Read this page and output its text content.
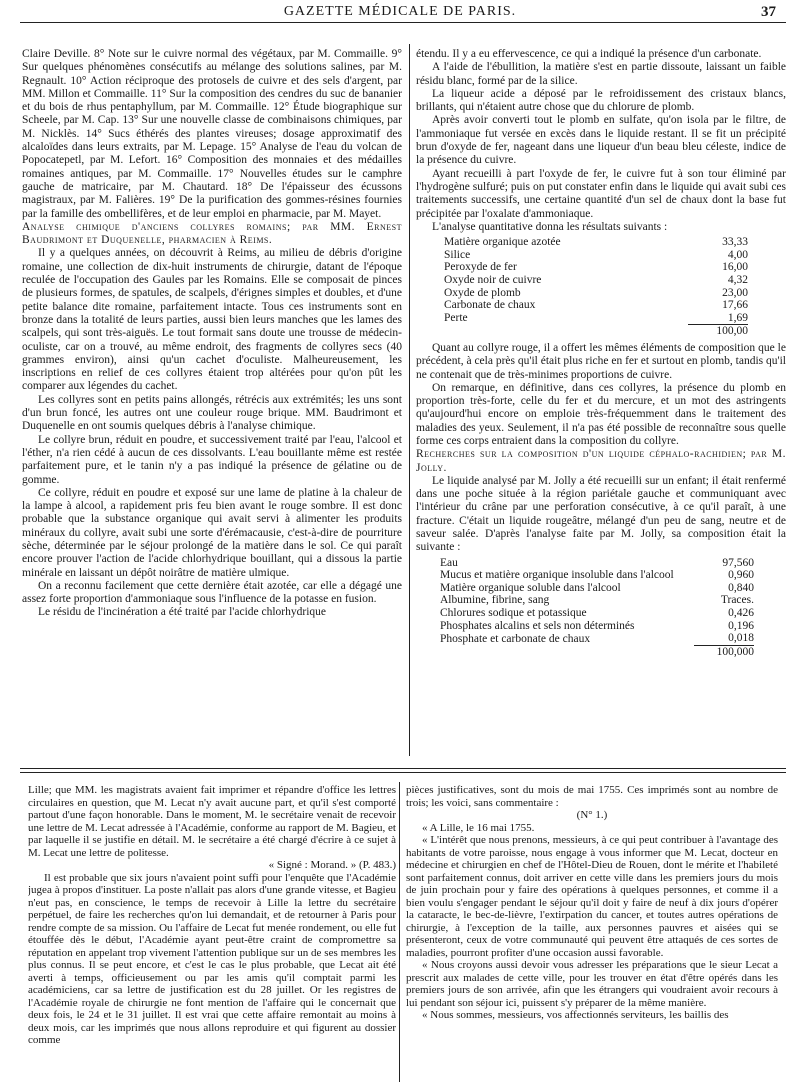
GAZETTE MÉDICALE DE PARIS.	37

Claire Deville. 8° Note sur le cuivre normal des végétaux, par M. Commaille. 9° Sur quelques phénomènes consécutifs au mélange des solutions salines, par M. Regnault. 10° Action réciproque des protosels de cuivre et des sels d'argent, par MM. Millon et Commaille. 11° Sur la composition des cendres du suc de bananier et du bois de rhus pentaphyllum, par M. Commaille. 12° Étude biographique sur Scheele, par M. Cap. 13° Sur une nouvelle classe de combinaisons chimiques, par M. Nicklès. 14° Sucs éthérés des plantes vireuses; dosage approximatif des alcaloïdes dans leurs extraits, par M. Lepage. 15° Analyse de l'eau du volcan de Popocatepetl, par M. Lefort. 16° Composition des monnaies et des médailles romaines antiques, par M. Commaille. 17° Nouvelles études sur le camphre gauche de matricaire, par M. Chautard. 18° De l'épaisseur des écussons magistraux, par M. Falières. 19° De la purification des gommes-résines fournies par la famille des ombellifères, et de leur emploi en pharmacie, par M. Mayet.

Analyse chimique d'anciens collyres romains; par MM. Ernest Baudrimont et Duquenelle, pharmacien à Reims.

Il y a quelques années, on découvrit à Reims, au milieu de débris d'origine romaine, une collection de dix-huit instruments de chirurgie, datant de l'époque reculée de l'occupation des Gaules par les Romains. Elle se composait de pinces de plusieurs formes, de spatules, de scalpels, d'érignes simples et doubles, et d'une petite balance dite romaine, parfaitement intacte. Tous ces instruments sont en bronze dans la totalité de leurs parties, aussi bien leurs manches que les lames des scalpels, qui sont très-aiguës. Le tout formait sans doute une trousse de médecin-oculiste, car on a trouvé, au même endroit, des fragments de collyres secs (40 grammes environ), ainsi qu'un cachet d'oculiste. Malheureusement, les inscriptions en relief de ces collyres étaient trop altérées pour qu'on pût les comparer aux légendes du cachet.

Les collyres sont en petits pains allongés, rétrécis aux extrémités; les uns sont d'un brun foncé, les autres ont une couleur rouge brique. MM. Baudrimont et Duquenelle en ont soumis quelques débris à l'analyse chimique.

Le collyre brun, réduit en poudre, et successivement traité par l'eau, l'alcool et l'éther, n'a rien cédé à aucun de ces dissolvants. L'eau bouillante même est restée parfaitement pure, et le tanin n'y a pas indiqué la présence de gélatine ou de gomme.

Ce collyre, réduit en poudre et exposé sur une lame de platine à la chaleur de la lampe à alcool, a rapidement pris feu bien avant le rouge sombre. Il est donc probable que la substance organique qui avait servi à alimenter les produits minéraux du collyre, avait subi une sorte d'érémacausie, c'est-à-dire de pourriture sèche, déterminée par le séjour prolongé de la matière dans le sol. Ce qui paraît encore prouver l'action de l'acide chlorhydrique bouillant, qui a dissous la partie minérale en laissant un dépôt noirâtre de matière ulmique.

On a reconnu facilement que cette dernière était azotée, car elle a dégagé une assez forte proportion d'ammoniaque sous l'influence de la potasse en fusion.

Le résidu de l'incinération a été traité par l'acide chlorhydrique

étendu. Il y a eu effervescence, ce qui a indiqué la présence d'un carbonate.

A l'aide de l'ébullition, la matière s'est en partie dissoute, laissant un faible résidu blanc, formé par de la silice.

La liqueur acide a déposé par le refroidissement des cristaux blancs, brillants, qui n'étaient autre chose que du chlorure de plomb.

Après avoir converti tout le plomb en sulfate, qu'on isola par le filtre, de l'ammoniaque fut versée en excès dans le liquide restant. Il se fit un précipité brun d'oxyde de fer, nageant dans une liqueur d'un beau bleu céleste, indice de la présence du cuivre.

Ayant recueilli à part l'oxyde de fer, le cuivre fut à son tour éliminé par l'hydrogène sulfuré; puis on put constater enfin dans le liquide qui avait subi ces traitements successifs, une certaine quantité d'un sel de chaux dont la base fut précipitée par l'oxalate d'ammoniaque.

L'analyse quantitative donna les résultats suivants :

Matière organique azotée	33,33
Silice	4,00
Peroxyde de fer	16,00
Oxyde noir de cuivre	4,32
Oxyde de plomb	23,00
Carbonate de chaux	17,66
Perte	1,69
	100,00

Quant au collyre rouge, il a offert les mêmes éléments de composition que le précédent, à cela près qu'il était plus riche en fer et surtout en plomb, tandis qu'il ne contenait que de très-minimes proportions de cuivre.

On remarque, en définitive, dans ces collyres, la présence du plomb en proportion très-forte, celle du fer et du mercure, et un mot des astringents qu'aujourd'hui encore on emploie très-fréquemment dans le traitement des maladies des yeux. Seulement, il n'a pas été possible de reconnaître sous quelle forme ces corps entraient dans la composition du collyre.

Recherches sur la composition d'un liquide céphalo-rachidien; par M. Jolly.

Le liquide analysé par M. Jolly a été recueilli sur un enfant; il était renfermé dans une poche située à la région pariétale gauche et communiquant avec l'intérieur du crâne par une perforation consécutive, à ce qu'il paraît, à une fracture. C'était un liquide rougeâtre, mélangé d'un peu de sang, neutre et de saveur salée. D'après l'analyse faite par M. Jolly, sa composition était la suivante :

Eau	97,560
Mucus et matière organique insoluble dans l'alcool	0,960
Matière organique soluble dans l'alcool	0,840
Albumine, fibrine, sang	Traces.
Chlorures sodique et potassique	0,426
Phosphates alcalins et sels non déterminés	0,196
Phosphate et carbonate de chaux	0,018
	100,000

Lille; que MM. les magistrats avaient fait imprimer et répandre d'office les lettres circulaires en question, que M. Lecat n'y avait aucune part, et qu'il s'est comporté partout d'une façon honorable. Dans le moment, M. le secrétaire venait de recevoir une lettre de M. Lecat adressée à l'Académie, conforme au rapport de M. Bagieu, et par laquelle il se justifie en détail. M. le secrétaire a été chargé d'écrire à ce sujet à M. Lecat une lettre de politesse.

« Signé : Morand. » (P. 483.)

Il est probable que six jours n'avaient point suffi pour l'enquête que l'Académie jugea à propos d'instituer. La poste n'allait pas alors d'une grande vitesse, et Bagieu n'eut pas, en conscience, le temps de recevoir à Lille la lettre du secrétaire perpétuel, de faire les recherches qu'on lui demandait, et de retourner à Paris pour rendre compte de sa mission. Ou l'affaire de Lecat fut menée rondement, ou elle fut étouffée dès le début, l'Académie ayant peut-être craint de compromettre sa réputation en appelant trop vivement l'attention publique sur un de ses membres les plus connus. Il se peut encore, et c'est le cas le plus probable, que Lecat ait été averti à temps, officieusement ou par les amis qu'il comptait parmi les académiciens, car sa lettre de justification est du 28 juillet. Or les registres de l'Académie royale de chirurgie ne font mention de l'affaire qui le concernait que deux fois, le 24 et le 31 juillet. Il est vrai que cette affaire remontait au moins à deux mois, car les imprimés que nous allons reproduire et qui figurent au dossier comme

pièces justificatives, sont du mois de mai 1755. Ces imprimés sont au nombre de trois; les voici, sans commentaire :

(N° 1.)

« A Lille, le 16 mai 1755.

« L'intérêt que nous prenons, messieurs, à ce qui peut contribuer à l'avantage des habitants de votre paroisse, nous engage à vous informer que M. Lecat, docteur en médecine et chirurgien en chef de l'Hôtel-Dieu de Rouen, dont le mérite et l'habileté sont parfaitement connus, doit arriver en cette ville dans les premiers jours du mois de juin prochain pour y faire des opérations à quelques personnes, et comme il a bien voulu s'engager pendant le séjour qu'il doit y faire de neuf à dix jours d'opérer la cataracte, le bec-de-lièvre, l'extirpation du cancer, et toutes autres opérations de chirurgie, à l'exception de la taille, aux personnes pauvres et aisées qui se présenteront, ceux de votre communauté qui peuvent être attaqués de ces sortes de maladies, pourront profiter d'une occasion aussi favorable.

« Nous croyons aussi devoir vous adresser les préparations que le sieur Lecat a prescrit aux malades de cette ville, pour les trouver en état d'être opérés dans les premiers jours de son arrivée, afin que les étrangers qui voudraient avoir recours à lui pendant son séjour ici, puissent s'y préparer de la même manière.

« Nous sommes, messieurs, vos affectionnés serviteurs, les baillis des
